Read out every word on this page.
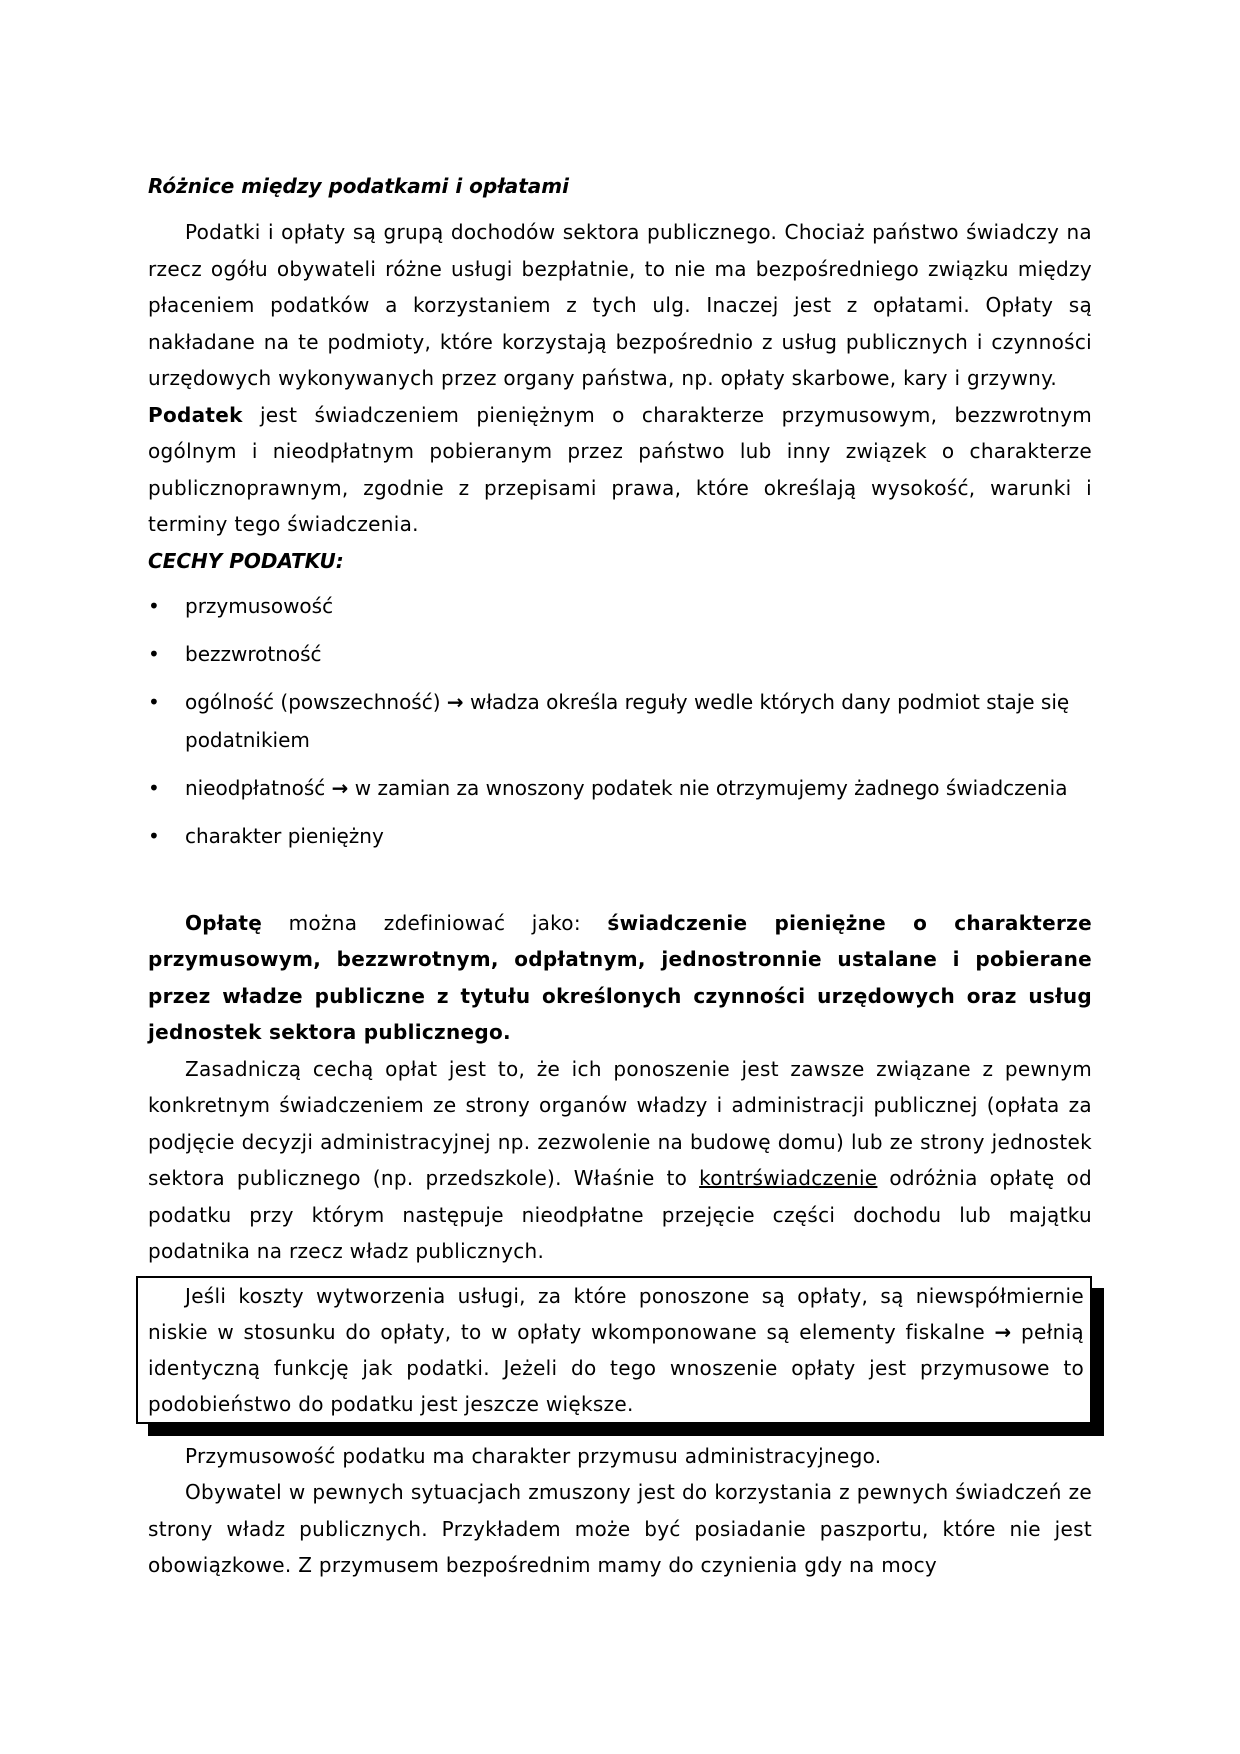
Różnice między podatkami i opłatami

Podatki i opłaty są grupą dochodów sektora publicznego. Chociaż państwo świadczy na rzecz ogółu obywateli różne usługi bezpłatnie, to nie ma bezpośredniego związku między płaceniem podatków a korzystaniem z tych ulg. Inaczej jest z opłatami. Opłaty są nakładane na te podmioty, które korzystają bezpośrednio z usług publicznych i czynności urzędowych wykonywanych przez organy państwa, np. opłaty skarbowe, kary i grzywny.

Podatek jest świadczeniem pieniężnym o charakterze przymusowym, bezzwrotnym ogólnym i nieodpłatnym pobieranym przez państwo lub inny związek o charakterze publicznoprawnym, zgodnie z przepisami prawa, które określają wysokość, warunki i terminy tego świadczenia.

CECHY PODATKU:
• przymusowość
• bezzwrotność
• ogólność (powszechność) → władza określa reguły wedle których dany podmiot staje się podatnikiem
• nieodpłatność → w zamian za wnoszony podatek nie otrzymujemy żadnego świadczenia
• charakter pieniężny

Opłatę można zdefiniować jako: świadczenie pieniężne o charakterze przymusowym, bezzwrotnym, odpłatnym, jednostronnie ustalane i pobierane przez władze publiczne z tytułu określonych czynności urzędowych oraz usług jednostek sektora publicznego.

Zasadniczą cechą opłat jest to, że ich ponoszenie jest zawsze związane z pewnym konkretnym świadczeniem ze strony organów władzy i administracji publicznej (opłata za podjęcie decyzji administracyjnej np. zezwolenie na budowę domu) lub ze strony jednostek sektora publicznego (np. przedszkole). Właśnie to kontrświadczenie odróżnia opłatę od podatku przy którym następuje nieodpłatne przejęcie części dochodu lub majątku podatnika na rzecz władz publicznych.

Jeśli koszty wytworzenia usługi, za które ponoszone są opłaty, są niewspółmiernie niskie w stosunku do opłaty, to w opłaty wkomponowane są elementy fiskalne → pełnią identyczną funkcję jak podatki. Jeżeli do tego wnoszenie opłaty jest przymusowe to podobieństwo do podatku jest jeszcze większe.

Przymusowość podatku ma charakter przymusu administracyjnego.

Obywatel w pewnych sytuacjach zmuszony jest do korzystania z pewnych świadczeń ze strony władz publicznych. Przykładem może być posiadanie paszportu, które nie jest obowiązkowe. Z przymusem bezpośrednim mamy do czynienia gdy na mocy
